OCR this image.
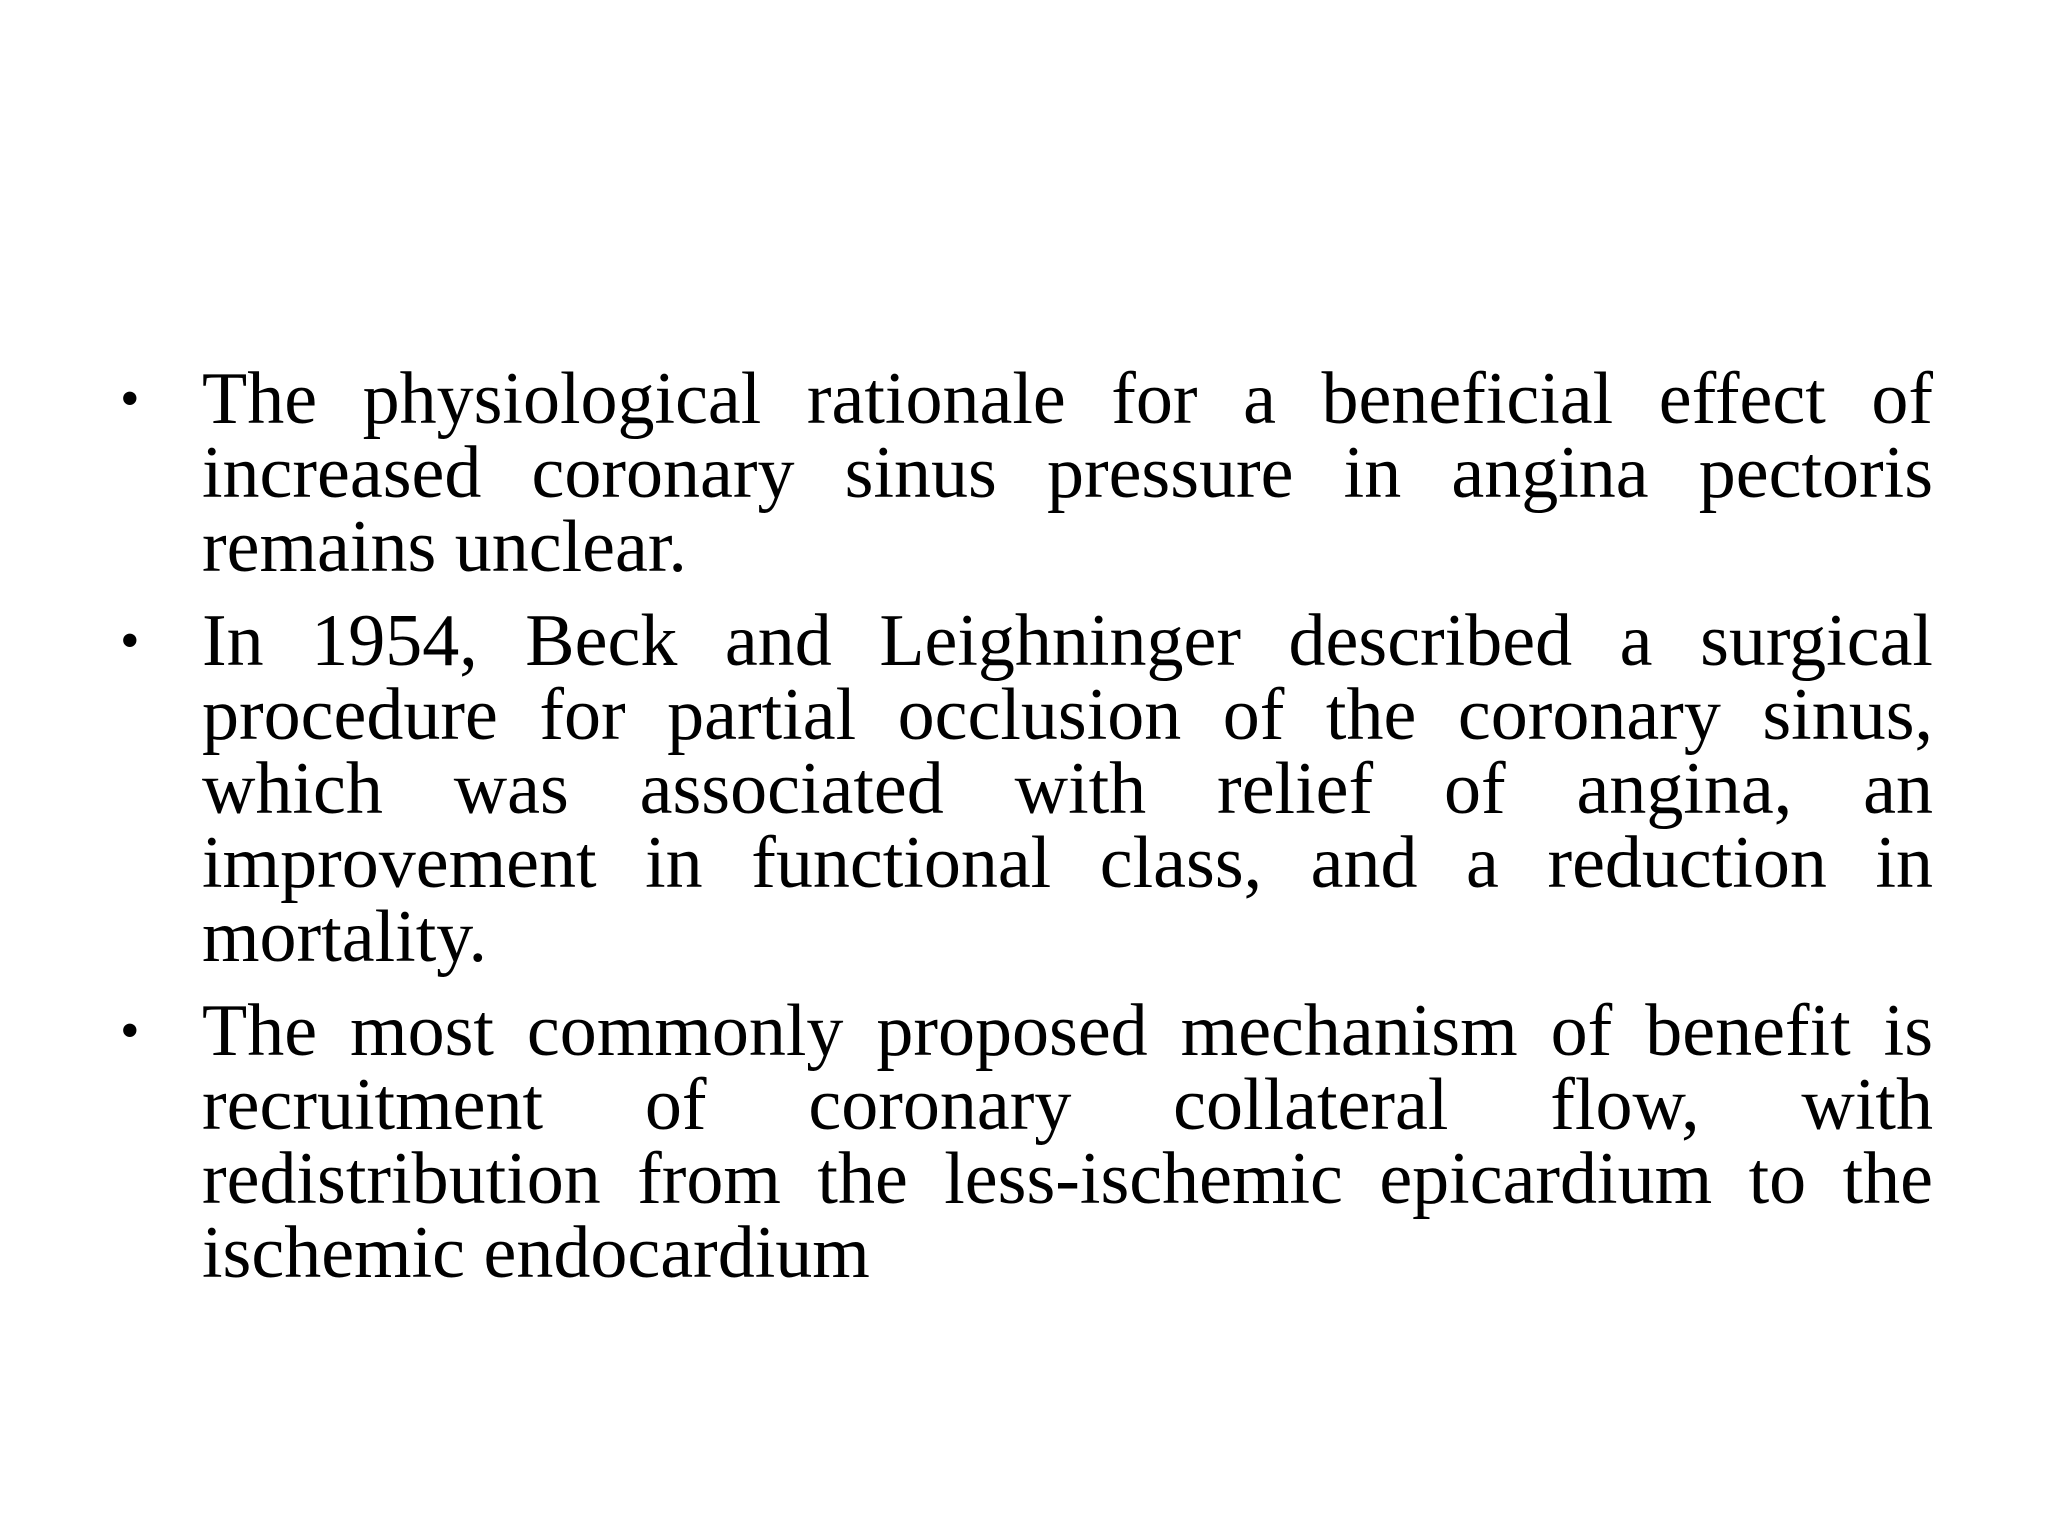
• The physiological rationale for a beneficial effect of increased coronary sinus pressure in angina pectoris remains unclear.
• In 1954, Beck and Leighninger described a surgical procedure for partial occlusion of the coronary sinus, which was associated with relief of angina, an improvement in functional class, and a reduction in mortality.
• The most commonly proposed mechanism of benefit is recruitment of coronary collateral flow, with redistribution from the less-ischemic epicardium to the ischemic endocardium
